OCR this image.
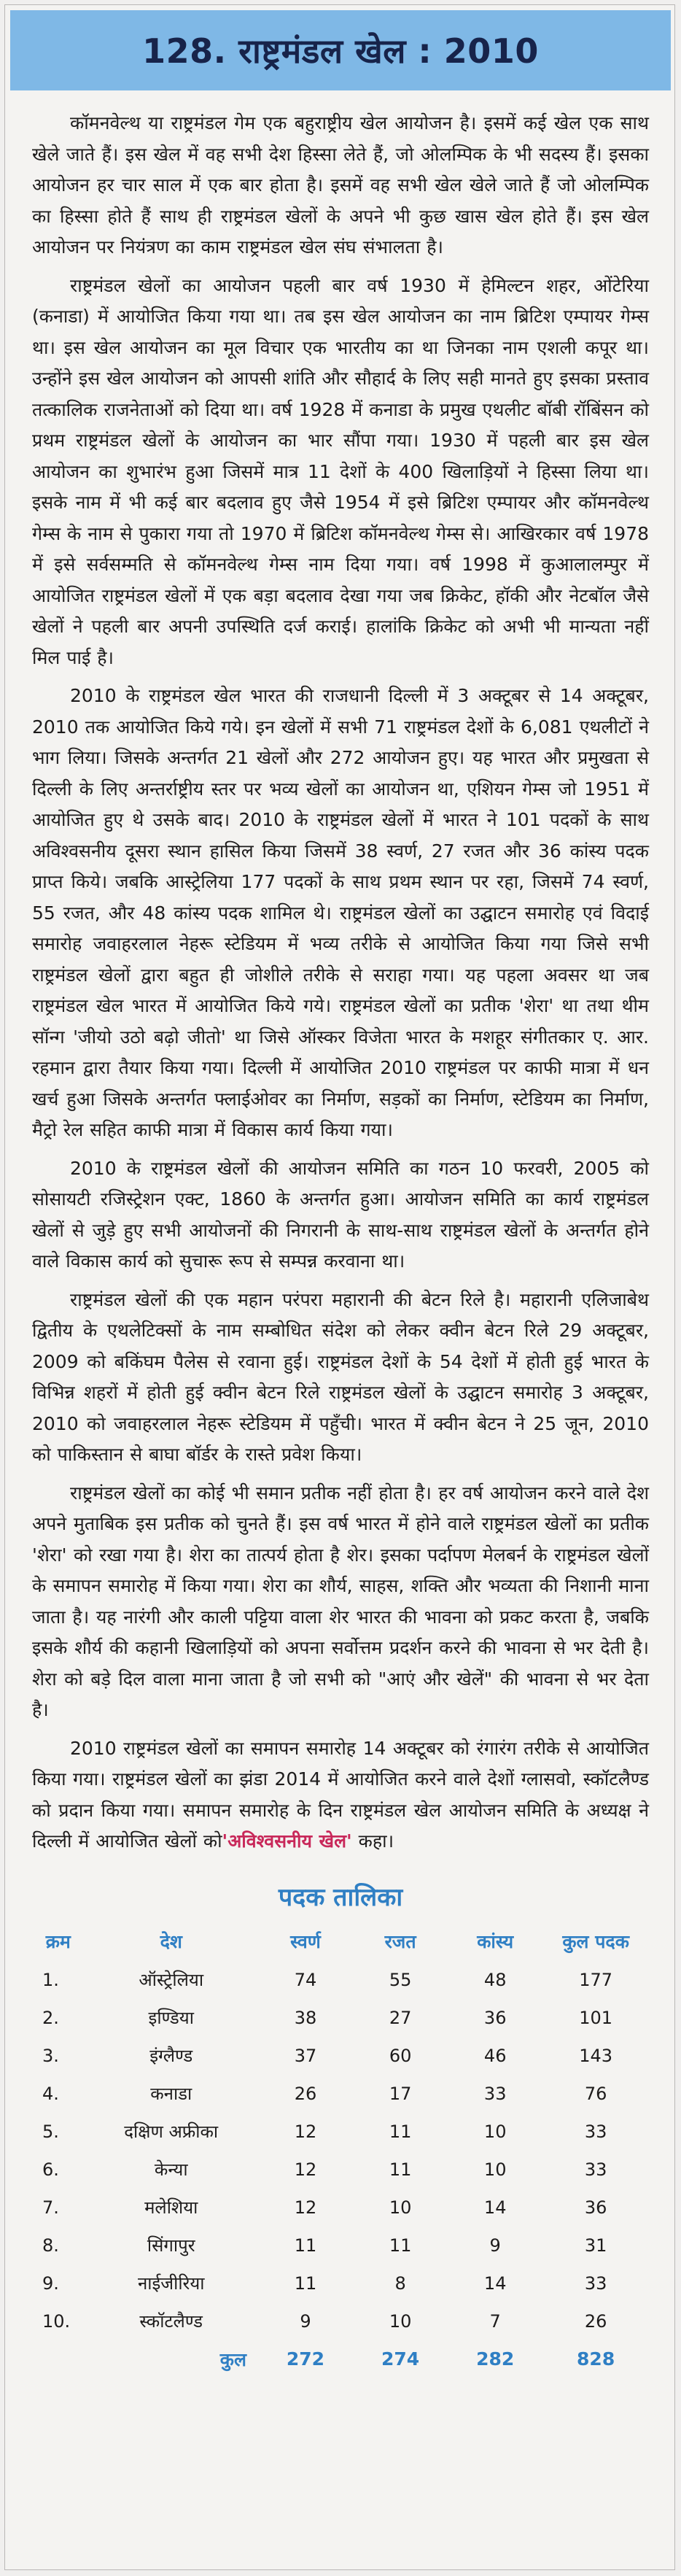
128. राष्ट्रमंडल खेल : 2010

कॉमनवेल्थ या राष्ट्रमंडल गेम एक बहुराष्ट्रीय खेल आयोजन है। इसमें कई खेल एक साथ खेले जाते हैं। इस खेल में वह सभी देश हिस्सा लेते हैं, जो ओलम्पिक के भी सदस्य हैं। इसका आयोजन हर चार साल में एक बार होता है। इसमें वह सभी खेल खेले जाते हैं जो ओलम्पिक का हिस्सा होते हैं साथ ही राष्ट्रमंडल खेलों के अपने भी कुछ खास खेल होते हैं। इस खेल आयोजन पर नियंत्रण का काम राष्ट्रमंडल खेल संघ संभालता है।

राष्ट्रमंडल खेलों का आयोजन पहली बार वर्ष 1930 में हेमिल्टन शहर, ओंटेरिया (कनाडा) में आयोजित किया गया था। तब इस खेल आयोजन का नाम ब्रिटिश एम्पायर गेम्स था। इस खेल आयोजन का मूल विचार एक भारतीय का था जिनका नाम एशली कपूर था। उन्होंने इस खेल आयोजन को आपसी शांति और सौहार्द के लिए सही मानते हुए इसका प्रस्ताव तत्कालिक राजनेताओं को दिया था। वर्ष 1928 में कनाडा के प्रमुख एथलीट बॉबी रॉबिंसन को प्रथम राष्ट्रमंडल खेलों के आयोजन का भार सौंपा गया। 1930 में पहली बार इस खेल आयोजन का शुभारंभ हुआ जिसमें मात्र 11 देशों के 400 खिलाड़ियों ने हिस्सा लिया था। इसके नाम में भी कई बार बदलाव हुए जैसे 1954 में इसे ब्रिटिश एम्पायर और कॉमनवेल्थ गेम्स के नाम से पुकारा गया तो 1970 में ब्रिटिश कॉमनवेल्थ गेम्स से। आखिरकार वर्ष 1978 में इसे सर्वसम्मति से कॉमनवेल्थ गेम्स नाम दिया गया। वर्ष 1998 में कुआलालम्पुर में आयोजित राष्ट्रमंडल खेलों में एक बड़ा बदलाव देखा गया जब क्रिकेट, हॉकी और नेटबॉल जैसे खेलों ने पहली बार अपनी उपस्थिति दर्ज कराई। हालांकि क्रिकेट को अभी भी मान्यता नहीं मिल पाई है।

2010 के राष्ट्रमंडल खेल भारत की राजधानी दिल्ली में 3 अक्टूबर से 14 अक्टूबर, 2010 तक आयोजित किये गये। इन खेलों में सभी 71 राष्ट्रमंडल देशों के 6,081 एथलीटों ने भाग लिया। जिसके अन्तर्गत 21 खेलों और 272 आयोजन हुए। यह भारत और प्रमुखता से दिल्ली के लिए अन्तर्राष्ट्रीय स्तर पर भव्य खेलों का आयोजन था, एशियन गेम्स जो 1951 में आयोजित हुए थे उसके बाद। 2010 के राष्ट्रमंडल खेलों में भारत ने 101 पदकों के साथ अविश्वसनीय दूसरा स्थान हासिल किया जिसमें 38 स्वर्ण, 27 रजत और 36 कांस्य पदक प्राप्त किये। जबकि आस्ट्रेलिया 177 पदकों के साथ प्रथम स्थान पर रहा, जिसमें 74 स्वर्ण, 55 रजत, और 48 कांस्य पदक शामिल थे। राष्ट्रमंडल खेलों का उद्घाटन समारोह एवं विदाई समारोह जवाहरलाल नेहरू स्टेडियम में भव्य तरीके से आयोजित किया गया जिसे सभी राष्ट्रमंडल खेलों द्वारा बहुत ही जोशीले तरीके से सराहा गया। यह पहला अवसर था जब राष्ट्रमंडल खेल भारत में आयोजित किये गये। राष्ट्रमंडल खेलों का प्रतीक 'शेरा' था तथा थीम सॉन्ग 'जीयो उठो बढ़ो जीतो' था जिसे ऑस्कर विजेता भारत के मशहूर संगीतकार ए. आर. रहमान द्वारा तैयार किया गया। दिल्ली में आयोजित 2010 राष्ट्रमंडल पर काफी मात्रा में धन खर्च हुआ जिसके अन्तर्गत फ्लाईओवर का निर्माण, सड़कों का निर्माण, स्टेडियम का निर्माण, मैट्रो रेल सहित काफी मात्रा में विकास कार्य किया गया।

2010 के राष्ट्रमंडल खेलों की आयोजन समिति का गठन 10 फरवरी, 2005 को सोसायटी रजिस्ट्रेशन एक्ट, 1860 के अन्तर्गत हुआ। आयोजन समिति का कार्य राष्ट्रमंडल खेलों से जुड़े हुए सभी आयोजनों की निगरानी के साथ-साथ राष्ट्रमंडल खेलों के अन्तर्गत होने वाले विकास कार्य को सुचारू रूप से सम्पन्न करवाना था।

राष्ट्रमंडल खेलों की एक महान परंपरा महारानी की बेटन रिले है। महारानी एलिजाबेथ द्वितीय के एथलेटिक्सों के नाम सम्बोधित संदेश को लेकर क्वीन बेटन रिले 29 अक्टूबर, 2009 को बकिंघम पैलेस से रवाना हुई। राष्ट्रमंडल देशों के 54 देशों में होती हुई भारत के विभिन्न शहरों में होती हुई क्वीन बेटन रिले राष्ट्रमंडल खेलों के उद्घाटन समारोह 3 अक्टूबर, 2010 को जवाहरलाल नेहरू स्टेडियम में पहुँची। भारत में क्वीन बेटन ने 25 जून, 2010 को पाकिस्तान से बाघा बॉर्डर के रास्ते प्रवेश किया।

राष्ट्रमंडल खेलों का कोई भी समान प्रतीक नहीं होता है। हर वर्ष आयोजन करने वाले देश अपने मुताबिक इस प्रतीक को चुनते हैं। इस वर्ष भारत में होने वाले राष्ट्रमंडल खेलों का प्रतीक 'शेरा' को रखा गया है। शेरा का तात्पर्य होता है शेर। इसका पर्दापण मेलबर्न के राष्ट्रमंडल खेलों के समापन समारोह में किया गया। शेरा का शौर्य, साहस, शक्ति और भव्यता की निशानी माना जाता है। यह नारंगी और काली पट्टिया वाला शेर भारत की भावना को प्रकट करता है, जबकि इसके शौर्य की कहानी खिलाड़ियों को अपना सर्वोत्तम प्रदर्शन करने की भावना से भर देती है। शेरा को बड़े दिल वाला माना जाता है जो सभी को "आएं और खेलें" की भावना से भर देता है।

2010 राष्ट्रमंडल खेलों का समापन समारोह 14 अक्टूबर को रंगारंग तरीके से आयोजित किया गया। राष्ट्रमंडल खेलों का झंडा 2014 में आयोजित करने वाले देशों ग्लासवो, स्कॉटलैण्ड को प्रदान किया गया। समापन समारोह के दिन राष्ट्रमंडल खेल आयोजन समिति के अध्यक्ष ने दिल्ली में आयोजित खेलों को'अविश्वसनीय खेल' कहा।

पदक तालिका
क्रम	देश	स्वर्ण	रजत	कांस्य	कुल पदक
1.	ऑस्ट्रेलिया	74	55	48	177
2.	इण्डिया	38	27	36	101
3.	इंग्लैण्ड	37	60	46	143
4.	कनाडा	26	17	33	76
5.	दक्षिण अफ्रीका	12	11	10	33
6.	केन्या	12	11	10	33
7.	मलेशिया	12	10	14	36
8.	सिंगापुर	11	11	9	31
9.	नाईजीरिया	11	8	14	33
10.	स्कॉटलैण्ड	9	10	7	26
कुल		272	274	282	828
